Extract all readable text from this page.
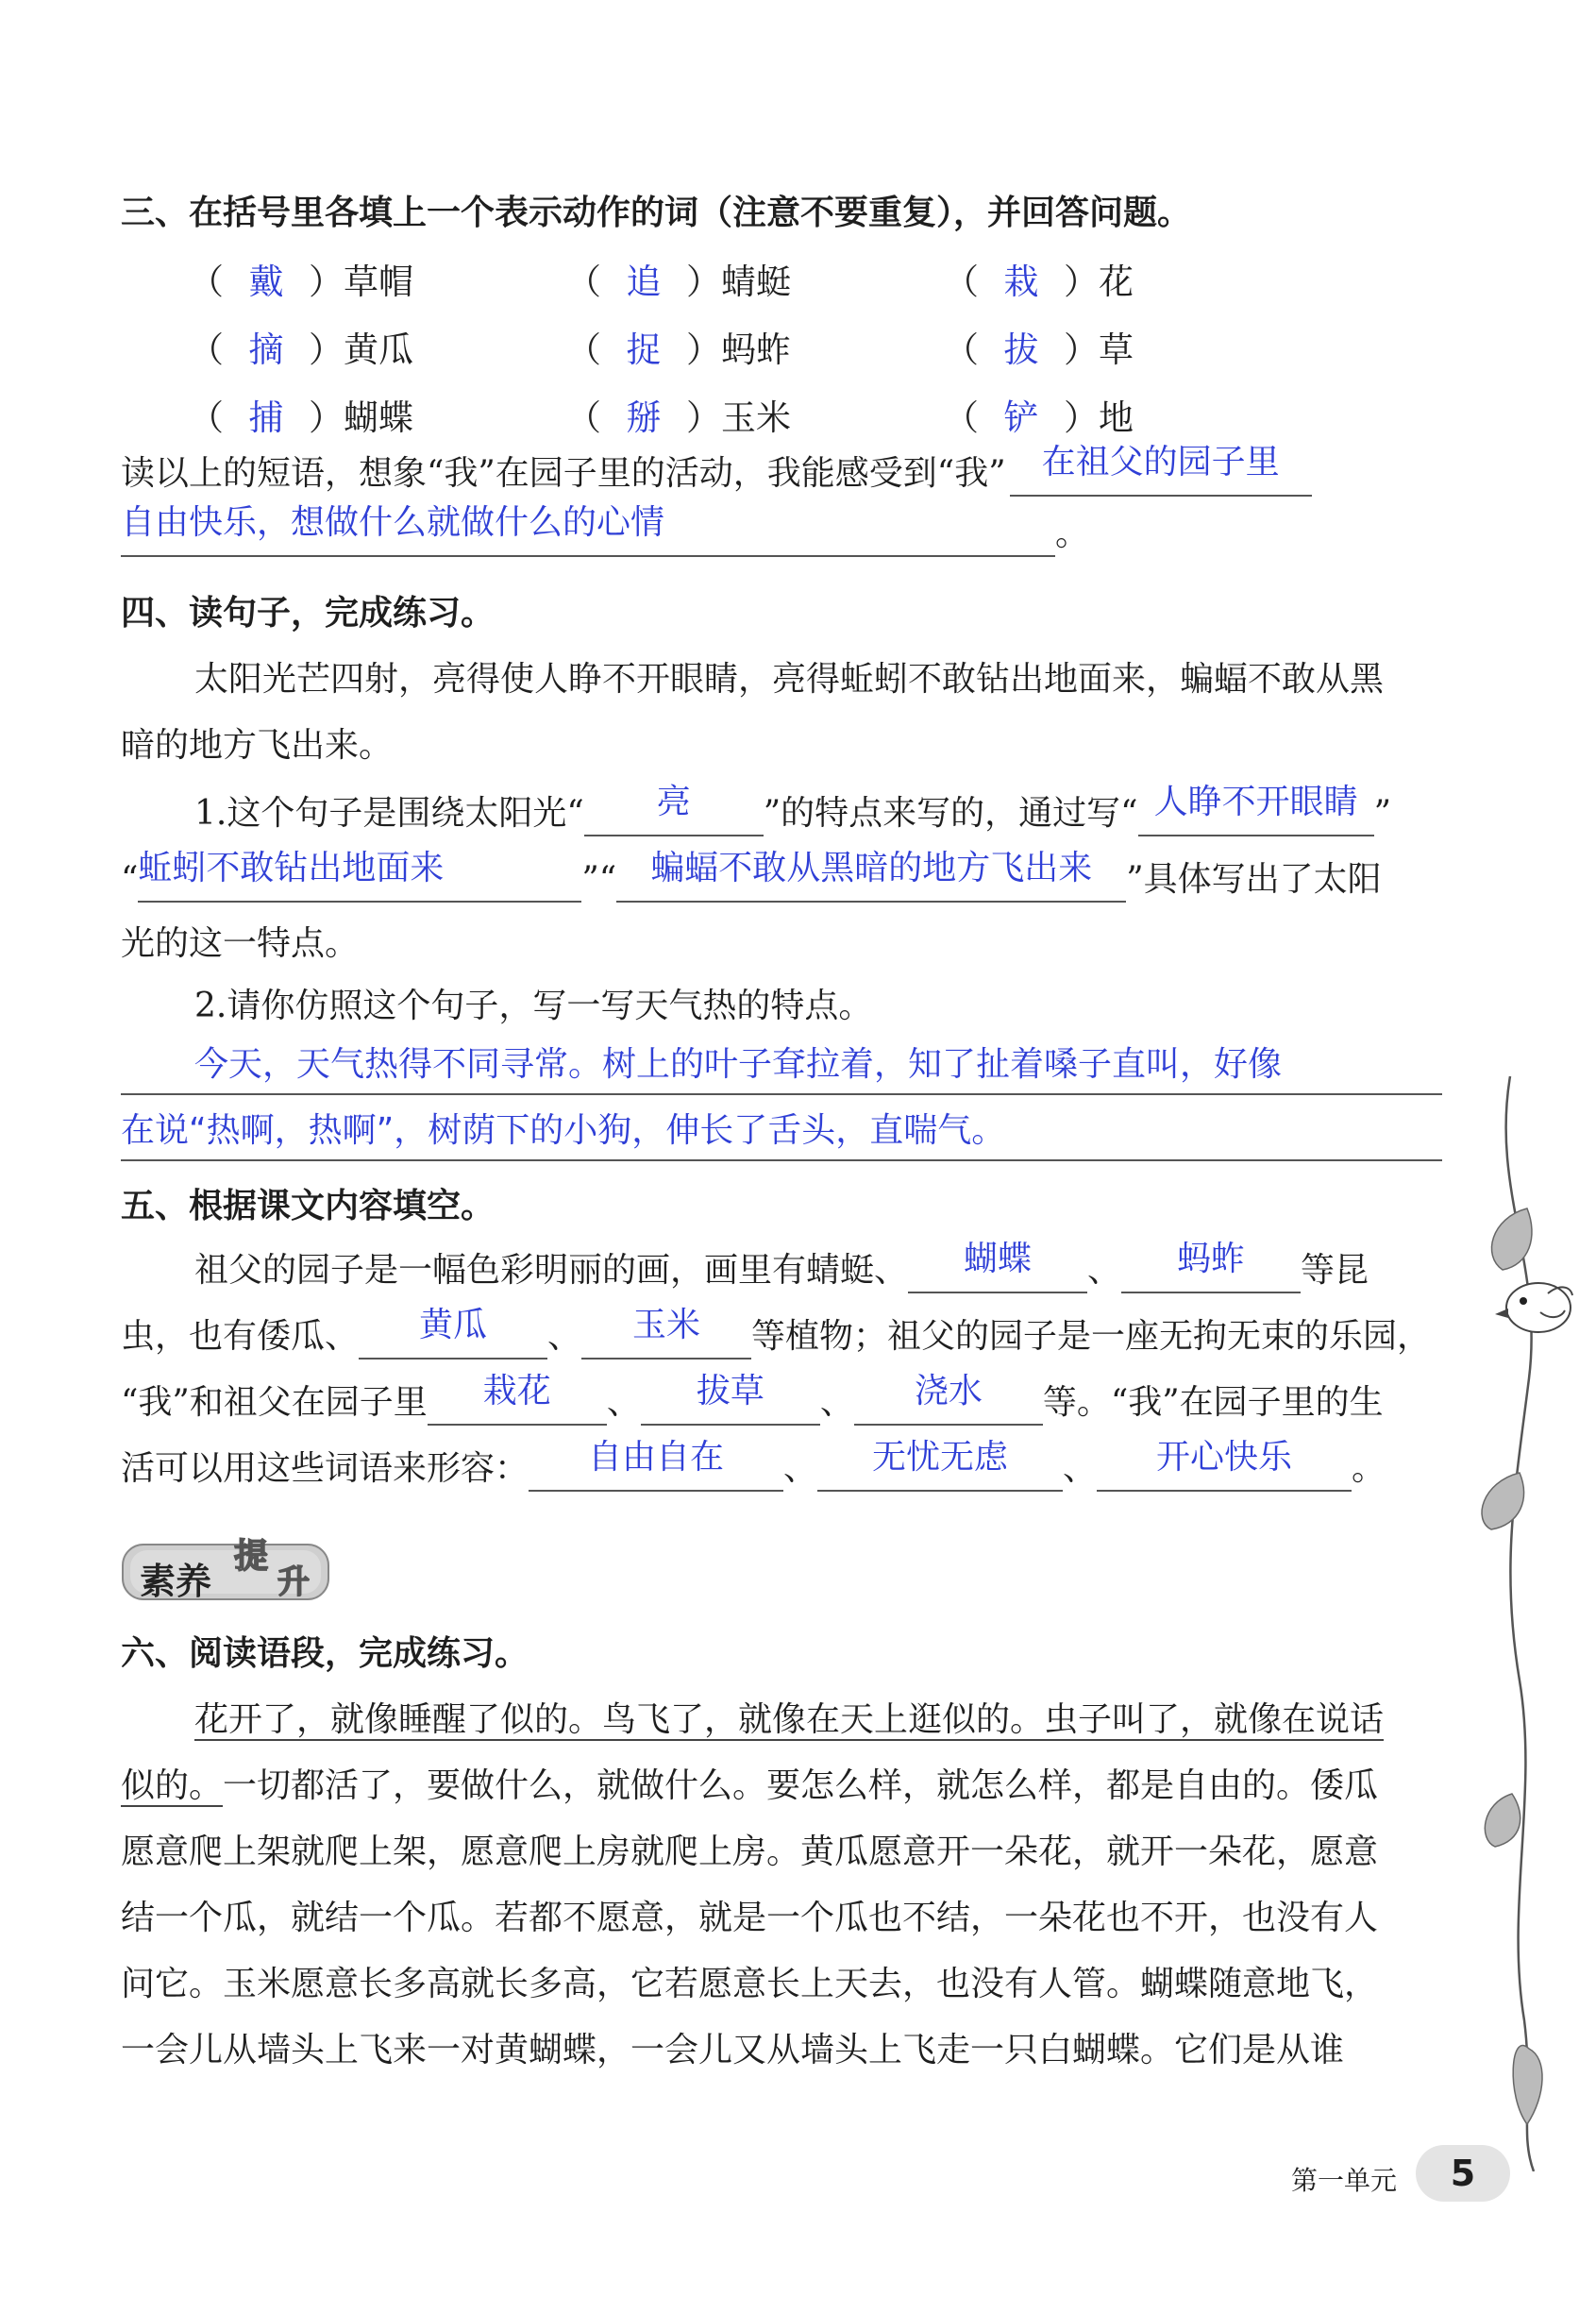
三、在括号里各填上一个表示动作的词（注意不要重复），并回答问题。
（ 戴 ）草帽	（ 追 ）蜻蜓	（ 栽 ）花
（ 摘 ）黄瓜	（ 捉 ）蚂蚱	（ 拔 ）草
（ 捕 ）蝴蝶	（ 掰 ）玉米	（ 铲 ）地
读以上的短语，想象“我”在园子里的活动，我能感受到“我” 在祖父的园子里
自由快乐，想做什么就做什么的心情	。
四、读句子，完成练习。
太阳光芒四射，亮得使人睁不开眼睛，亮得蚯蚓不敢钻出地面来，蝙蝠不敢从黑
暗的地方飞出来。
1.这个句子是围绕太阳光“ 亮 ”的特点来写的，通过写“ 人睁不开眼睛 ”
“蚯蚓不敢钻出地面来	”“ 蝙蝠不敢从黑暗的地方飞出来 ”具体写出了太阳
光的这一特点。
2.请你仿照这个句子，写一写天气热的特点。
今天，天气热得不同寻常。树上的叶子耷拉着，知了扯着嗓子直叫，好像
在说“热啊，热啊”，树荫下的小狗，伸长了舌头，直喘气。
五、根据课文内容填空。
祖父的园子是一幅色彩明丽的画，画里有蜻蜓、 蝴蝶 、 蚂蚱 等昆
虫，也有倭瓜、 黄瓜 、 玉米 等植物；祖父的园子是一座无拘无束的乐园，
“我”和祖父在园子里 栽花 、 拔草 、 浇水 等。“我”在园子里的生
活可以用这些词语来形容： 自由自在 、 无忧无虑 、 开心快乐 。
素养
提
升
六、阅读语段，完成练习。
花开了，就像睡醒了似的。鸟飞了，就像在天上逛似的。虫子叫了，就像在说话
似的。一切都活了，要做什么，就做什么。要怎么样，就怎么样，都是自由的。倭瓜
愿意爬上架就爬上架，愿意爬上房就爬上房。黄瓜愿意开一朵花，就开一朵花，愿意
结一个瓜，就结一个瓜。若都不愿意，就是一个瓜也不结，一朵花也不开，也没有人
问它。玉米愿意长多高就长多高，它若愿意长上天去，也没有人管。蝴蝶随意地飞，
一会儿从墙头上飞来一对黄蝴蝶，一会儿又从墙头上飞走一只白蝴蝶。它们是从谁
第一单元	5
